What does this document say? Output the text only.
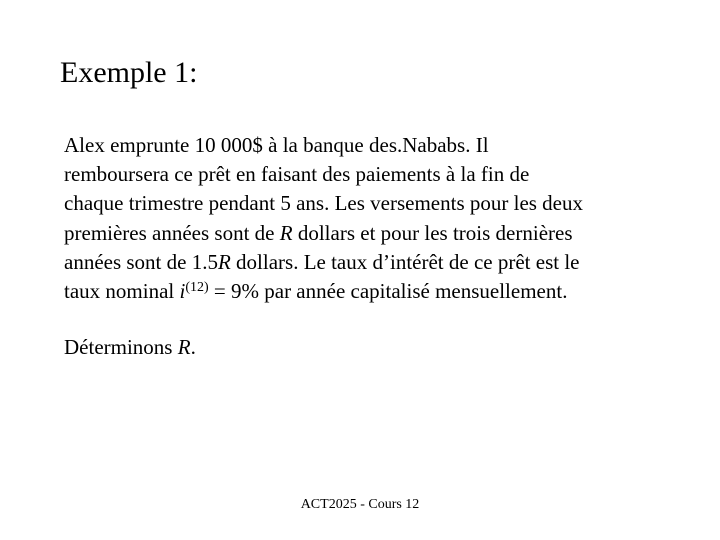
Exemple 1:
Alex emprunte 10 000$ à la banque des.Nababs. Il
remboursera ce prêt en faisant des paiements à la fin de
chaque trimestre pendant 5 ans. Les versements pour les deux
premières années sont de R dollars et pour les trois dernières
années sont de 1.5R dollars. Le taux d’intérêt de ce prêt est le
taux nominal $i^{(12)} = 9\%$ par année capitalisé mensuellement.
Déterminons R.
ACT2025 - Cours 12
